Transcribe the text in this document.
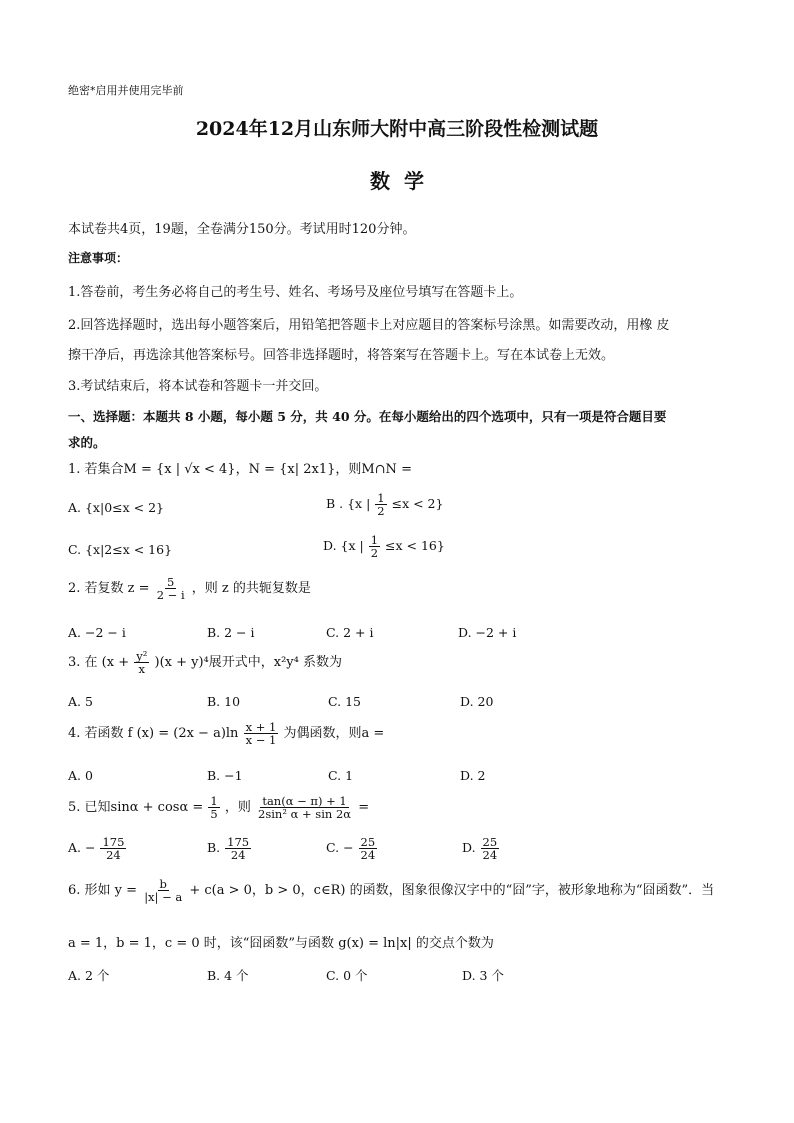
绝密*启用并使用完毕前
2024年12月山东师大附中高三阶段性检测试题
数学
本试卷共4页，19题，全卷满分150分。考试用时120分钟。
注意事项：
1.答卷前，考生务必将自己的考生号、姓名、考场号及座位号填写在答题卡上。
2.回答选择题时，选出每小题答案后，用铅笔把答题卡上对应题目的答案标号涂黑。如需要改动，用橡 皮
擦干净后，再选涂其他答案标号。回答非选择题时，将答案写在答题卡上。写在本试卷上无效。
3.考试结束后，将本试卷和答题卡一并交回。
一、选择题：本题共 8 小题，每小题 5 分，共 40 分。在每小题给出的四个选项中，只有一项是符合题目要
求的。
1. 若集合M = {x | √x < 4}，N = {x| 2x1}，则M∩N =
A. {x|0≤x < 2}	B . {x | $\frac{1}{2} \le x < 2$}
C. {x|2≤x < 16}	D. {x | $\frac{1}{2} \le x < 16$}
2. 若复数 $z = \frac{5}{2 - i}$ ，则 z 的共轭复数是
A. −2 − i	B. 2 − i	C. 2 + i	D. −2 + i
3. 在 $(x + \frac{\text{y²}}{x} )(x + y)^4$展开式中，x²y⁴ 系数为
A. 5	B. 10	C. 15	D. 20
4. 若函数 f $(x) = (2x - a)\ln \frac{x + 1}{x - 1}$ 为偶函数，则a =
A. 0	B. −1	C. 1	D. 2
5. 已知$\sin\alpha + \cos\alpha = \frac{1}{5}$ ，则 $\frac{\tan(\alpha - \pi) + 1}{\text{2sin² α + sin 2α}}$ =
A. − $\frac{175}{24}$	B. $\frac{175}{24}$	C. − $\frac{25}{24}$	D. $\frac{25}{24}$
6. 形如 $y = \frac{b}{|x| - a} + c(a > 0$，b > 0，c∈R) 的函数，图象很像汉字中的“囧”字，被形象地称为“囧函数”．当
a = 1，b = 1，c = 0 时，该“囧函数”与函数 g(x) = ln|x| 的交点个数为
A. 2 个	B. 4 个	C. 0 个	D. 3 个
